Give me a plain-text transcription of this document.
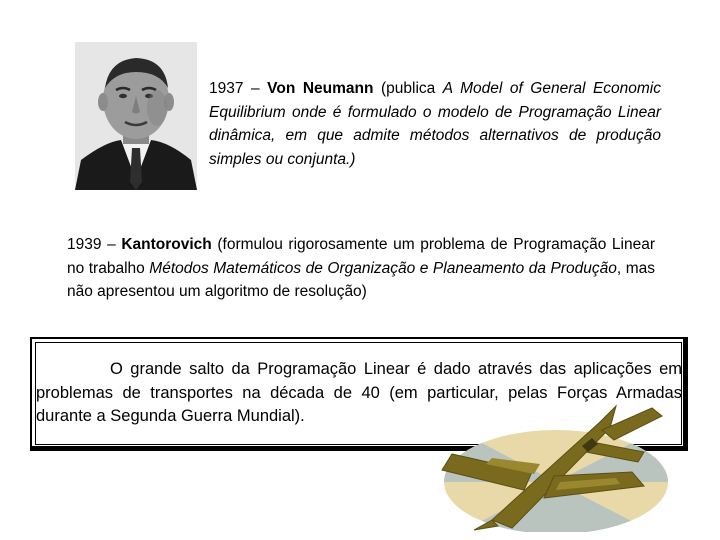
1937 – Von Neumann (publica A Model of General Economic Equilibrium onde é formulado o modelo de Programação Linear dinâmica, em que admite métodos alternativos de produção simples ou conjunta.)
1939 – Kantorovich (formulou rigorosamente um problema de Programação Linear no trabalho Métodos Matemáticos de Organização e Planeamento da Produção, mas não apresentou um algoritmo de resolução)
O grande salto da Programação Linear é dado através das aplicações em problemas de transportes na década de 40 (em particular, pelas Forças Armadas durante a Segunda Guerra Mundial).
